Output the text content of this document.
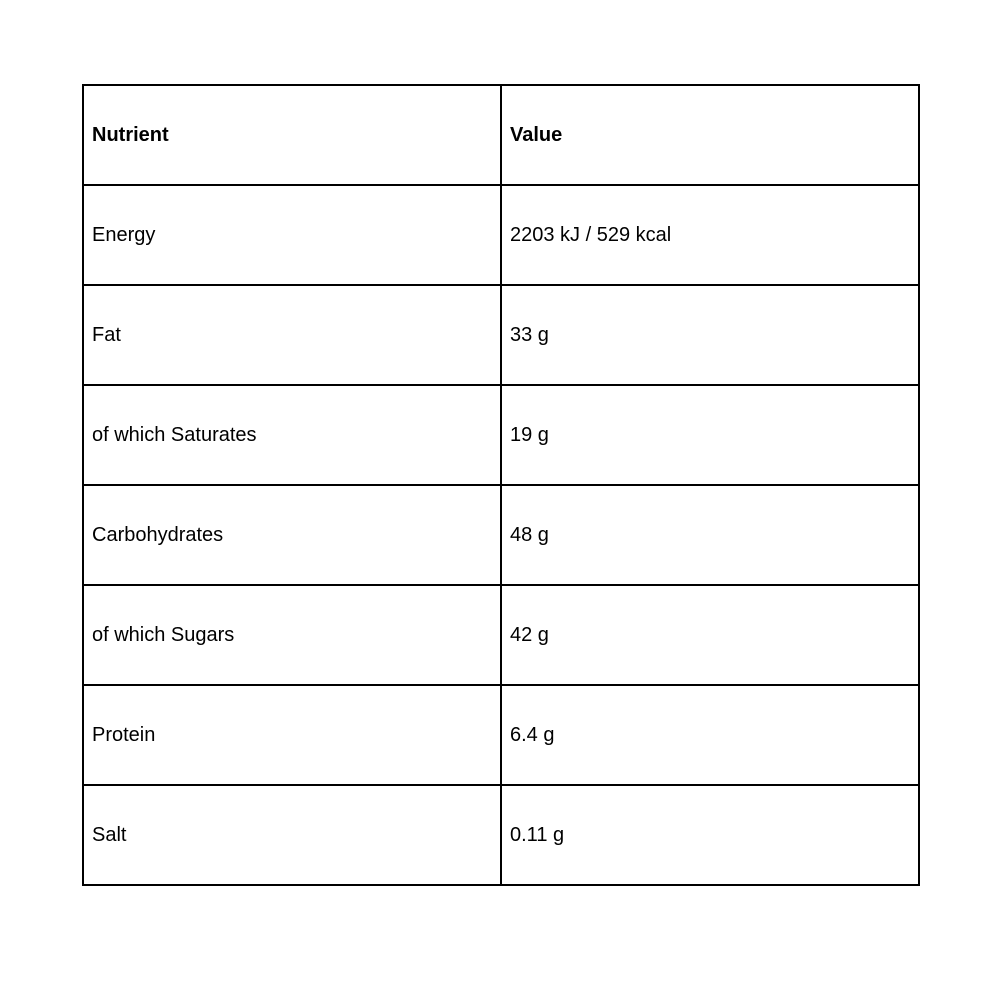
Nutrient	Value
Energy	2203 kJ / 529 kcal
Fat	33 g
of which Saturates	19 g
Carbohydrates	48 g
of which Sugars	42 g
Protein	6.4 g
Salt	0.11 g
